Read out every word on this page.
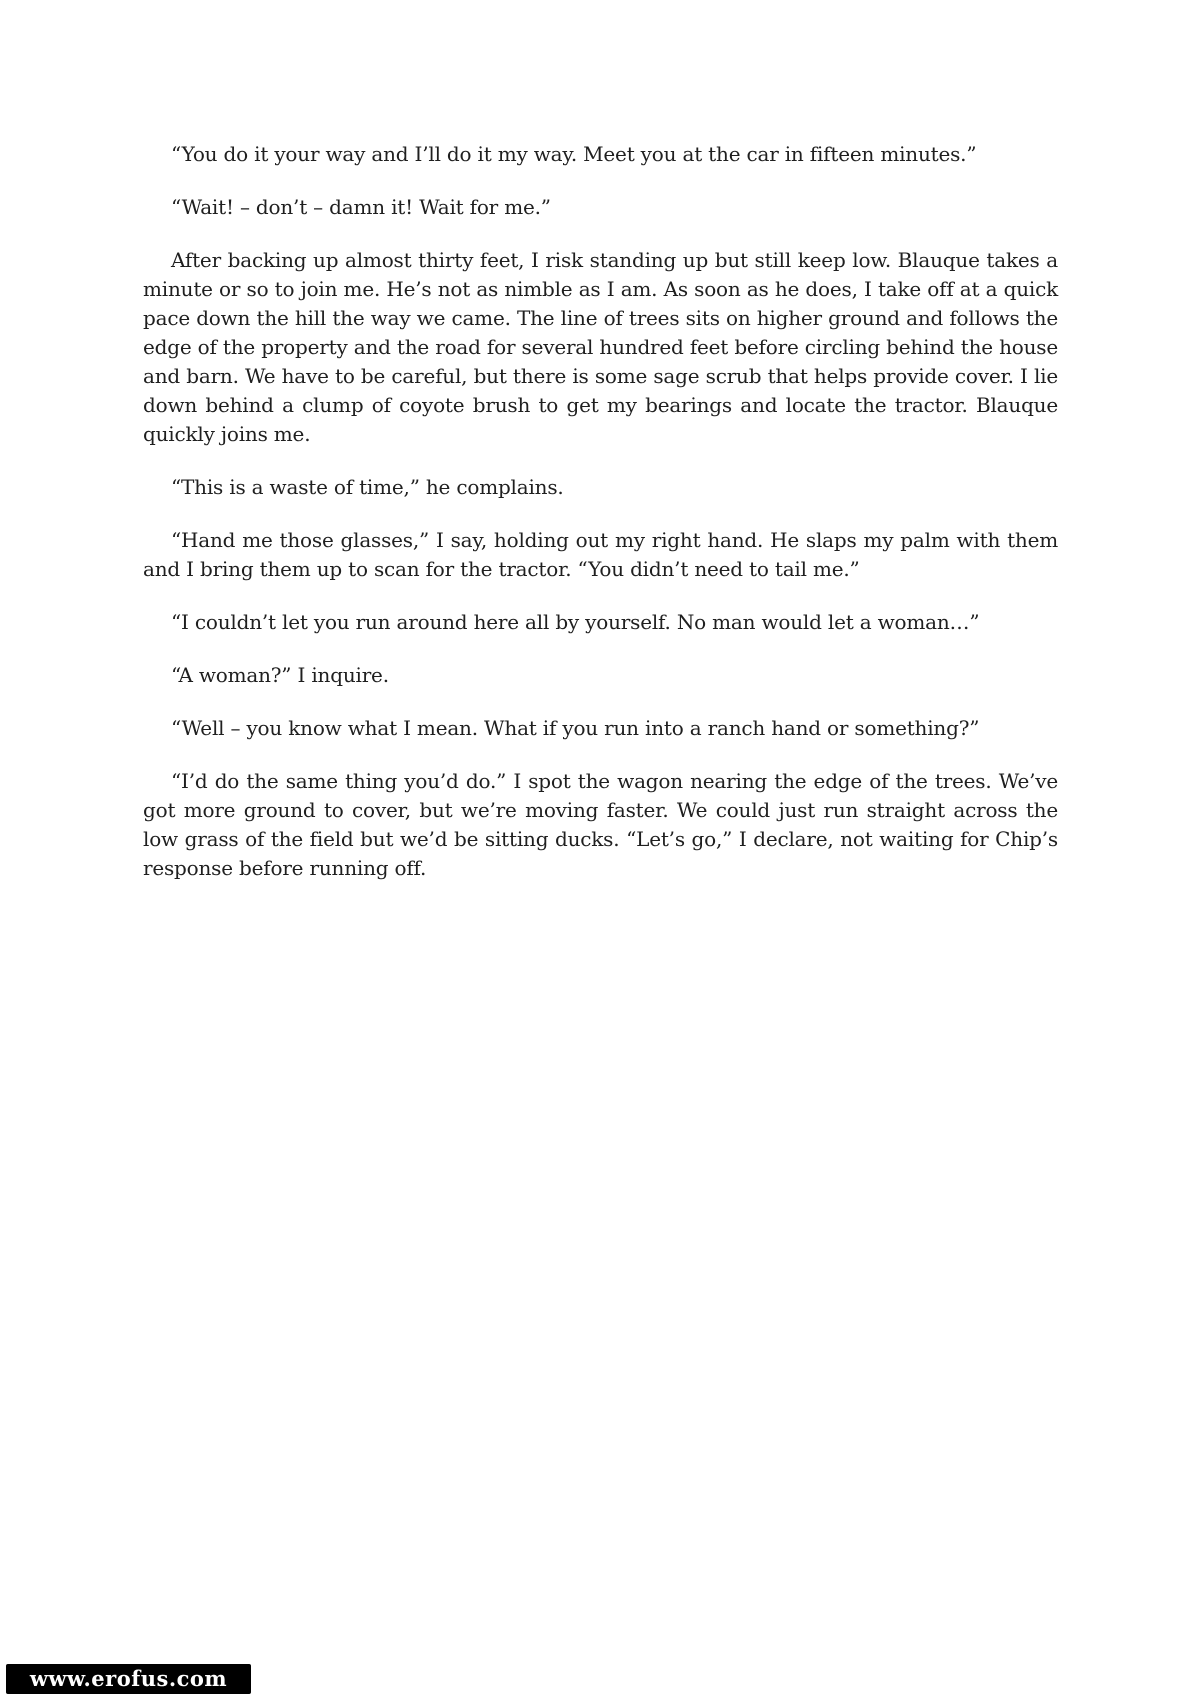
“You do it your way and I’ll do it my way. Meet you at the car in fifteen minutes.”

“Wait! – don’t – damn it! Wait for me.”

After backing up almost thirty feet, I risk standing up but still keep low. Blauque takes a minute or so to join me. He’s not as nimble as I am. As soon as he does, I take off at a quick pace down the hill the way we came. The line of trees sits on higher ground and follows the edge of the property and the road for several hundred feet before circling behind the house and barn. We have to be careful, but there is some sage scrub that helps provide cover. I lie down behind a clump of coyote brush to get my bearings and locate the tractor. Blauque quickly joins me.

“This is a waste of time,” he complains.

“Hand me those glasses,” I say, holding out my right hand. He slaps my palm with them and I bring them up to scan for the tractor. “You didn’t need to tail me.”

“I couldn’t let you run around here all by yourself. No man would let a woman…”

“A woman?” I inquire.

“Well – you know what I mean. What if you run into a ranch hand or something?”

“I’d do the same thing you’d do.” I spot the wagon nearing the edge of the trees. We’ve got more ground to cover, but we’re moving faster. We could just run straight across the low grass of the field but we’d be sitting ducks. “Let’s go,” I declare, not waiting for Chip’s response before running off.

www.erofus.com
